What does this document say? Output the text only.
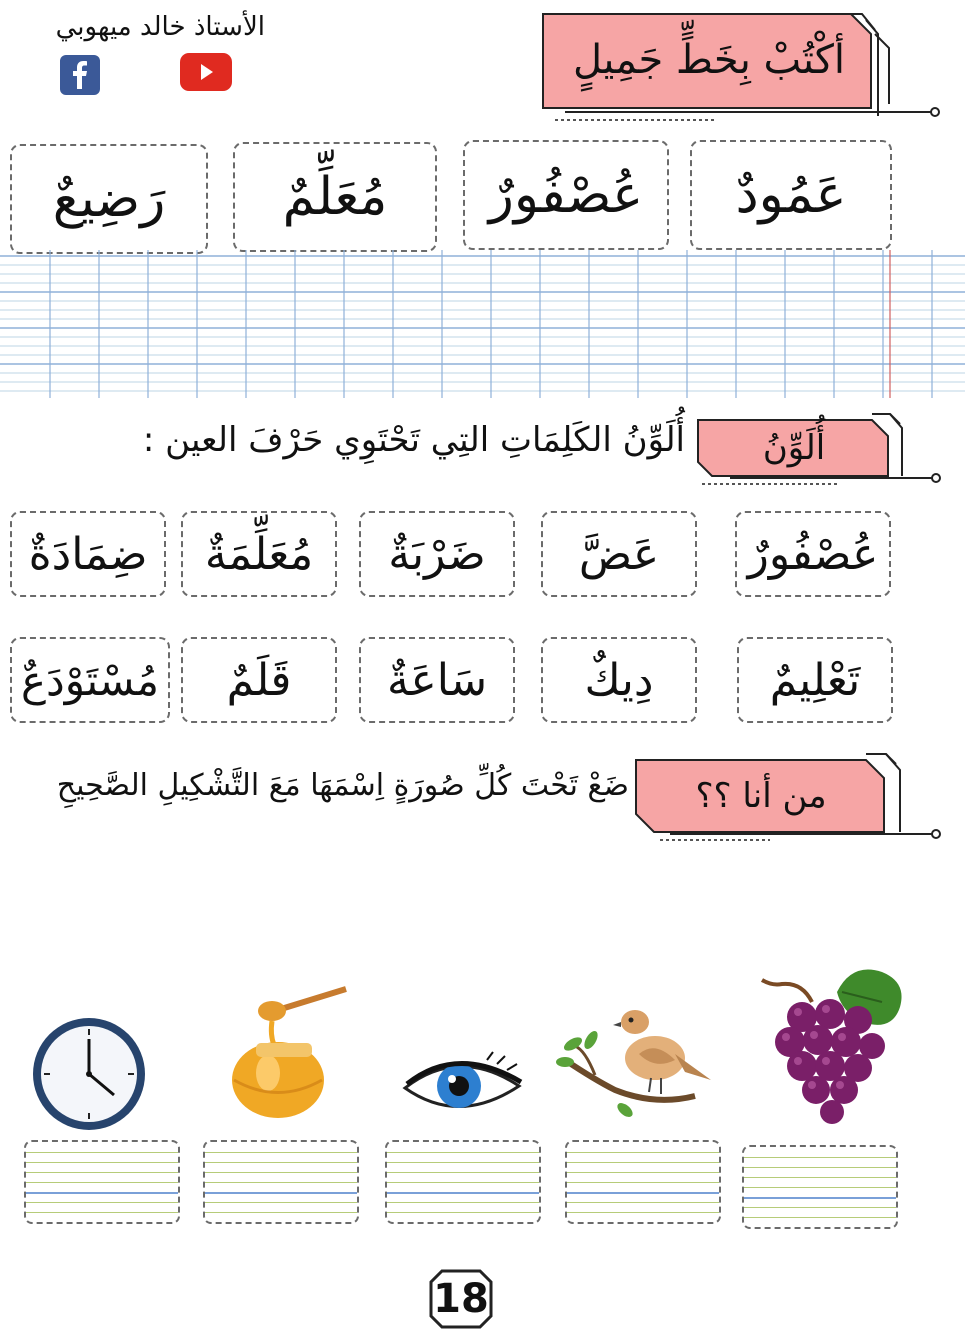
الأستاذ خالد ميهوبي
أكْتُبْ بِخَطٍّ جَمِيلٍ
عَمُودٌ
عُصْفُورٌ
مُعَلِّمٌ
رَضِيعٌ
أُلَوِّنُ
أُلَوِّنُ الكَلِمَاتِ التِي تَحْتَوِي حَرْفَ العين :
عُصْفُورٌ
عَضَّ
ضَرْبَةٌ
مُعَلِّمَةٌ
ضِمَادَةٌ
تَعْلِيمٌ
دِيكٌ
سَاعَةٌ
قَلَمٌ
مُسْتَوْدَعٌ
من أنا ؟؟
ضَعْ تَحْتَ كُلِّ صُورَةٍ اِسْمَهَا مَعَ التَّشْكِيلِ الصَّحِيحِ
18
